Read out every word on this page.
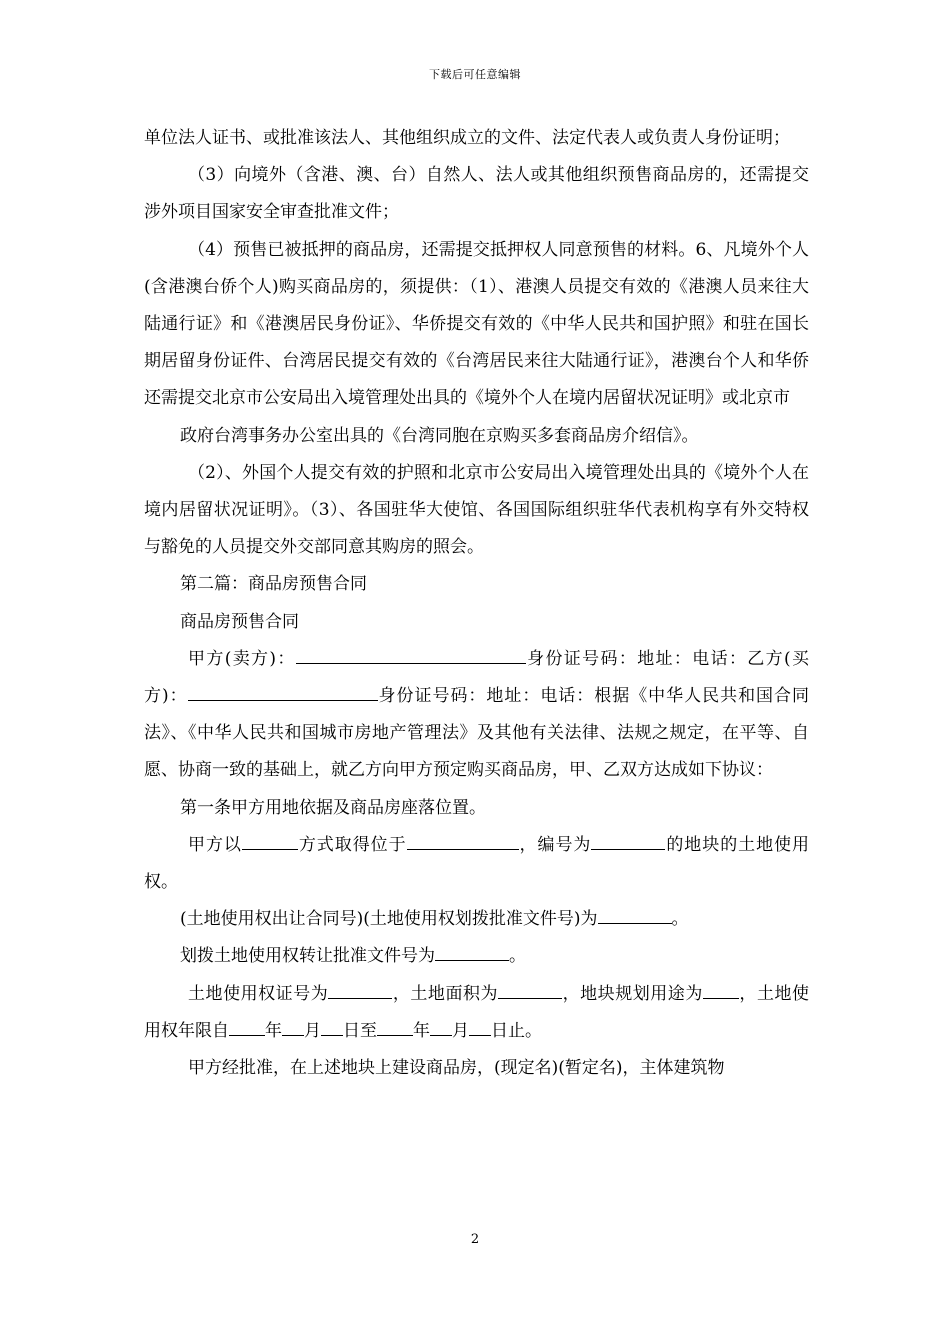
下载后可任意编辑

单位法人证书、或批准该法人、其他组织成立的文件、法定代表人或负责人身份证明；

（3）向境外（含港、澳、台）自然人、法人或其他组织预售商品房的，还需提交涉外项目国家安全审查批准文件；

（4）预售已被抵押的商品房，还需提交抵押权人同意预售的材料。6、凡境外个人(含港澳台侨个人)购买商品房的，须提供：（1）、港澳人员提交有效的《港澳人员来往大陆通行证》和《港澳居民身份证》、华侨提交有效的《中华人民共和国护照》和驻在国长期居留身份证件、台湾居民提交有效的《台湾居民来往大陆通行证》，港澳台个人和华侨还需提交北京市公安局出入境管理处出具的《境外个人在境内居留状况证明》或北京市

政府台湾事务办公室出具的《台湾同胞在京购买多套商品房介绍信》。

（2）、外国个人提交有效的护照和北京市公安局出入境管理处出具的《境外个人在境内居留状况证明》。（3）、各国驻华大使馆、各国国际组织驻华代表机构享有外交特权与豁免的人员提交外交部同意其购房的照会。

第二篇：商品房预售合同

商品房预售合同

甲方(卖方)：	身份证号码：地址：电话：乙方(买方)：	身份证号码：地址：电话：根据《中华人民共和国合同法》、《中华人民共和国城市房地产管理法》及其他有关法律、法规之规定，在平等、自愿、协商一致的基础上，就乙方向甲方预定购买商品房，甲、乙双方达成如下协议：

第一条甲方用地依据及商品房座落位置。

甲方以	方式取得位于	，编号为	的地块的土地使用权。

(土地使用权出让合同号)(土地使用权划拨批准文件号)为	。

划拨土地使用权转让批准文件号为	。

土地使用权证号为	，土地面积为	，地块规划用途为 ，土地使用权年限自 年 月 日至 年 月 日止。

甲方经批准，在上述地块上建设商品房，(现定名)(暂定名)，主体建筑物

2
